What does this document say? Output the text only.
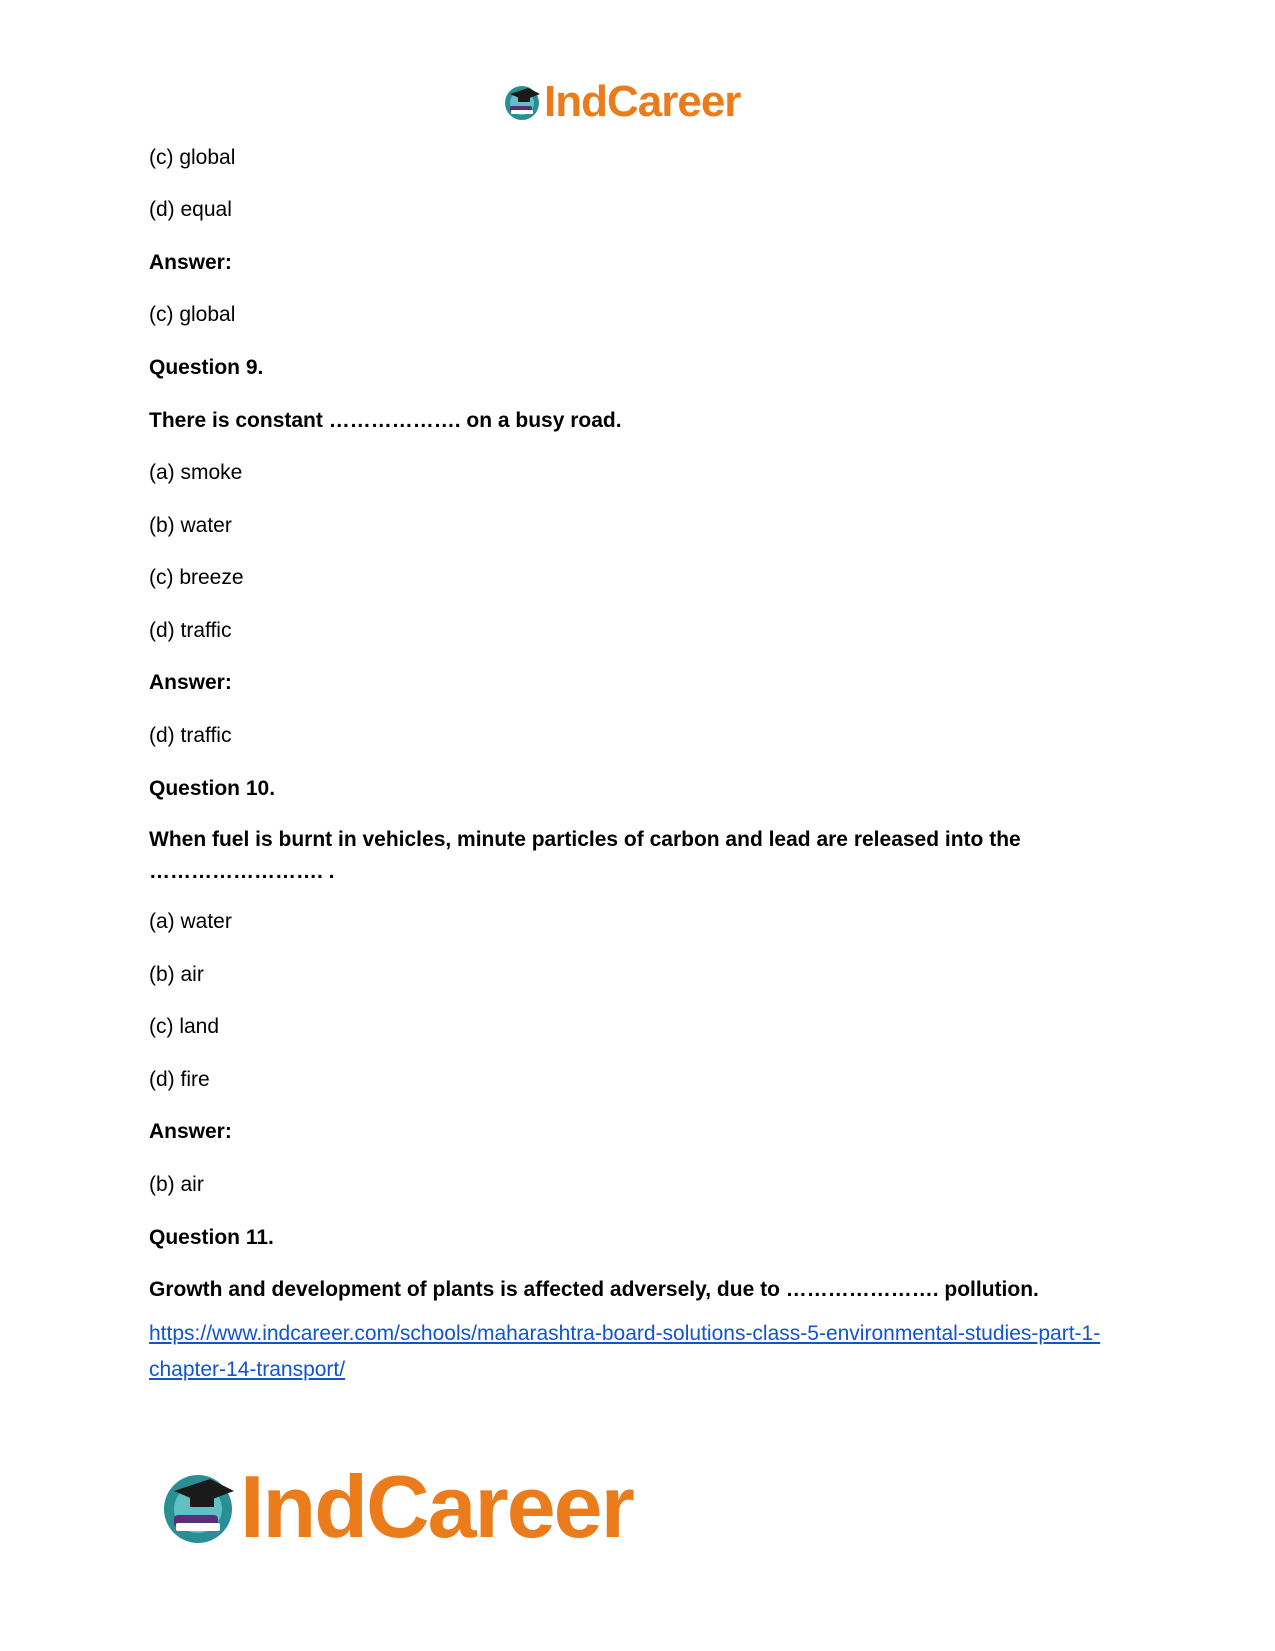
IndCareer
(c) global
(d) equal
Answer:
(c) global
Question 9.
There is constant ………………. on a busy road.
(a) smoke
(b) water
(c) breeze
(d) traffic
Answer:
(d) traffic
Question 10.
When fuel is burnt in vehicles, minute particles of carbon and lead are released into the ……………………. .
(a) water
(b) air
(c) land
(d) fire
Answer:
(b) air
Question 11.
Growth and development of plants is affected adversely, due to …………………. pollution.
https://www.indcareer.com/schools/maharashtra-board-solutions-class-5-environmental-studies-part-1-chapter-14-transport/
IndCareer
